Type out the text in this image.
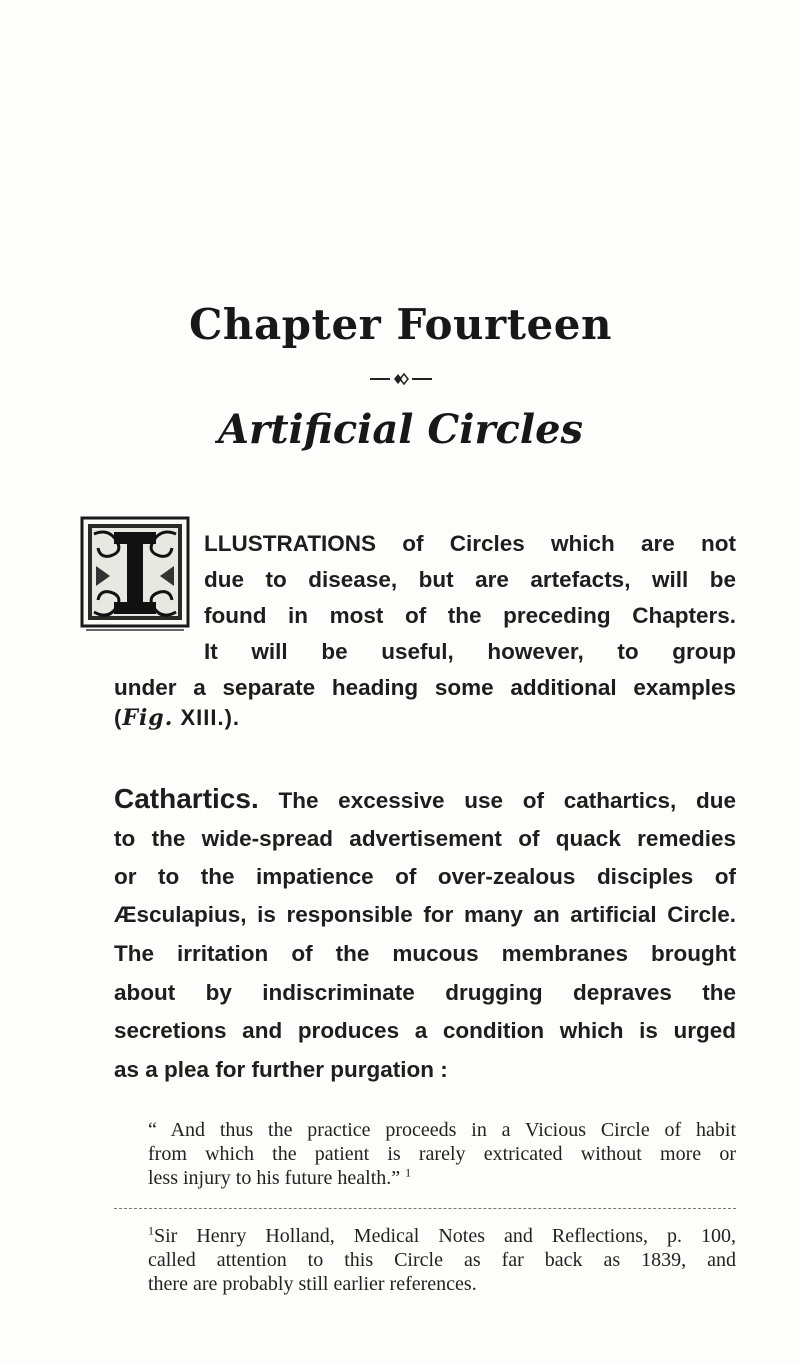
Chapter Fourteen
Artificial Circles
LLUSTRATIONS of Circles which are not
due to disease, but are artefacts, will be
found in most of the preceding Chapters.
It will be useful, however, to group
under a separate heading some additional examples
(Fig. XIII.).
Cathartics. The excessive use of cathartics, due
to the wide-spread advertisement of quack remedies
or to the impatience of over-zealous disciples of
Æsculapius, is responsible for many an artificial Circle.
The irritation of the mucous membranes brought
about by indiscriminate drugging depraves the
secretions and produces a condition which is urged
as a plea for further purgation :
“ And thus the practice proceeds in a Vicious Circle of habit
from which the patient is rarely extricated without more or
less injury to his future health.” $^1$
$^1$Sir Henry Holland, Medical Notes and Reflections, p. 100,
called attention to this Circle as far back as 1839, and
there are probably still earlier references.
